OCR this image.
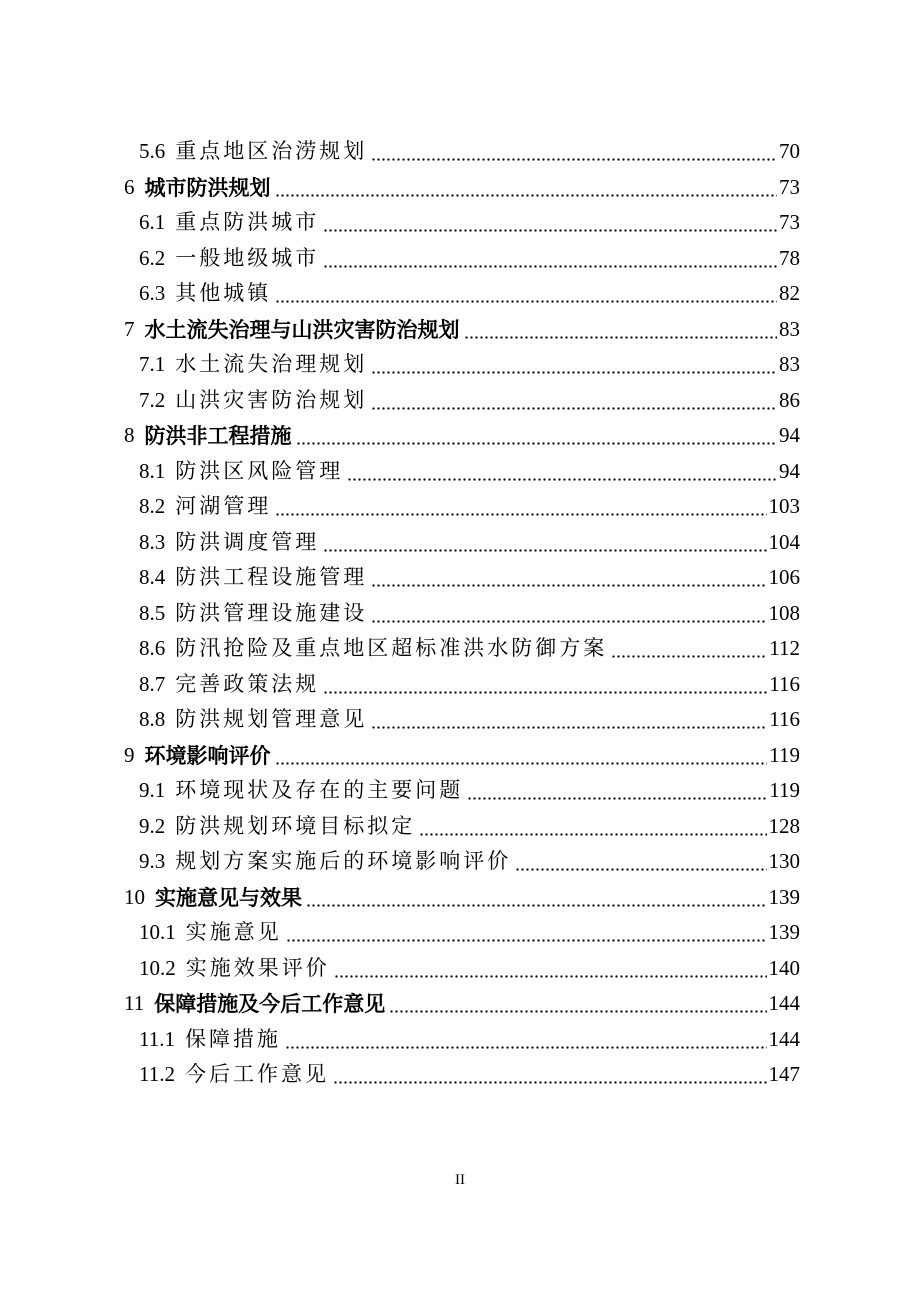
5.6 重点地区治涝规划	70
6 城市防洪规划	73
6.1 重点防洪城市	73
6.2 一般地级城市	78
6.3 其他城镇	82
7 水土流失治理与山洪灾害防治规划	83
7.1 水土流失治理规划	83
7.2 山洪灾害防治规划	86
8 防洪非工程措施	94
8.1 防洪区风险管理	94
8.2 河湖管理	103
8.3 防洪调度管理	104
8.4 防洪工程设施管理	106
8.5 防洪管理设施建设	108
8.6 防汛抢险及重点地区超标准洪水防御方案	112
8.7 完善政策法规	116
8.8 防洪规划管理意见	116
9 环境影响评价	119
9.1 环境现状及存在的主要问题	119
9.2 防洪规划环境目标拟定	128
9.3 规划方案实施后的环境影响评价	130
10 实施意见与效果	139
10.1 实施意见	139
10.2 实施效果评价	140
11 保障措施及今后工作意见	144
11.1 保障措施	144
11.2 今后工作意见	147
II
